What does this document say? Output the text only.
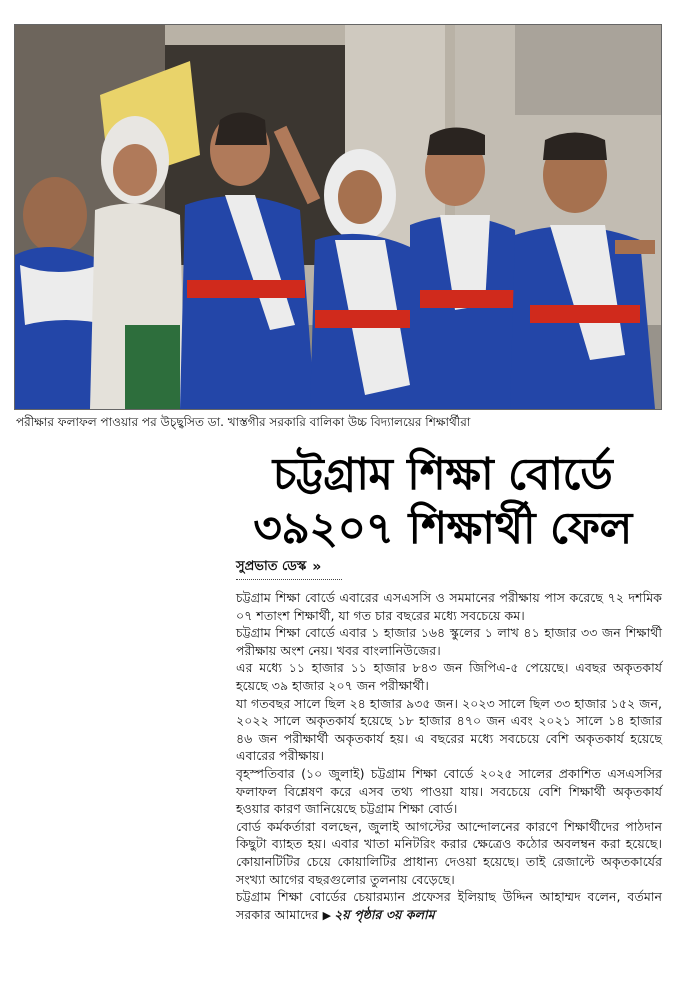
পরীক্ষার ফলাফল পাওয়ার পর উচ্ছ্বসিত ডা. খাস্তগীর সরকারি বালিকা উচ্চ বিদ্যালয়ের শিক্ষার্থীরা
চট্টগ্রাম শিক্ষা বোর্ডে
৩৯২০৭ শিক্ষার্থী ফেল
সুপ্রভাত ডেস্ক »

চট্টগ্রাম শিক্ষা বোর্ডে এবারের এসএসসি ও সমমানের পরীক্ষায় পাস করেছে ৭২ দশমিক ০৭ শতাংশ শিক্ষার্থী, যা গত চার বছরের মধ্যে সবচেয়ে কম।

চট্টগ্রাম শিক্ষা বোর্ডে এবার ১ হাজার ১৬৪ স্কুলের ১ লাখ ৪১ হাজার ৩৩ জন শিক্ষার্থী পরীক্ষায় অংশ নেয়। খবর বাংলানিউজের।

এর মধ্যে ১১ হাজার ১১ হাজার ৮৪৩ জন জিপিএ-৫ পেয়েছে। এবছর অকৃতকার্য হয়েছে ৩৯ হাজার ২০৭ জন পরীক্ষার্থী।

যা গতবছর সালে ছিল ২৪ হাজার ৯৩৫ জন। ২০২৩ সালে ছিল ৩৩ হাজার ১৫২ জন, ২০২২ সালে অকৃতকার্য হয়েছে ১৮ হাজার ৪৭০ জন এবং ২০২১ সালে ১৪ হাজার ৪৬ জন পরীক্ষার্থী অকৃতকার্য হয়। এ বছরের মধ্যে সবচেয়ে বেশি অকৃতকার্য হয়েছে এবারের পরীক্ষায়।

বৃহস্পতিবার (১০ জুলাই) চট্টগ্রাম শিক্ষা বোর্ডে ২০২৫ সালের প্রকাশিত এসএসসির ফলাফল বিশ্লেষণ করে এসব তথ্য পাওয়া যায়। সবচেয়ে বেশি শিক্ষার্থী অকৃতকার্য হওয়ার কারণ জানিয়েছে চট্টগ্রাম শিক্ষা বোর্ড।

বোর্ড কর্মকর্তারা বলছেন, জুলাই আগস্টের আন্দোলনের কারণে শিক্ষার্থীদের পাঠদান কিছুটা ব্যাহত হয়। এবার খাতা মনিটরিং করার ক্ষেত্রেও কঠোর অবলম্বন করা হয়েছে। কোয়ানটিটির চেয়ে কোয়ালিটির প্রাধান্য দেওয়া হয়েছে। তাই রেজাল্টে অকৃতকার্যের সংখ্যা আগের বছরগুলোর তুলনায় বেড়েছে।

চট্টগ্রাম শিক্ষা বোর্ডের চেয়ারম্যান প্রফেসর ইলিয়াছ উদ্দিন আহাম্মদ বলেন, বর্তমান সরকার আমাদের ▶ ২য় পৃষ্ঠার ৩য় কলাম
